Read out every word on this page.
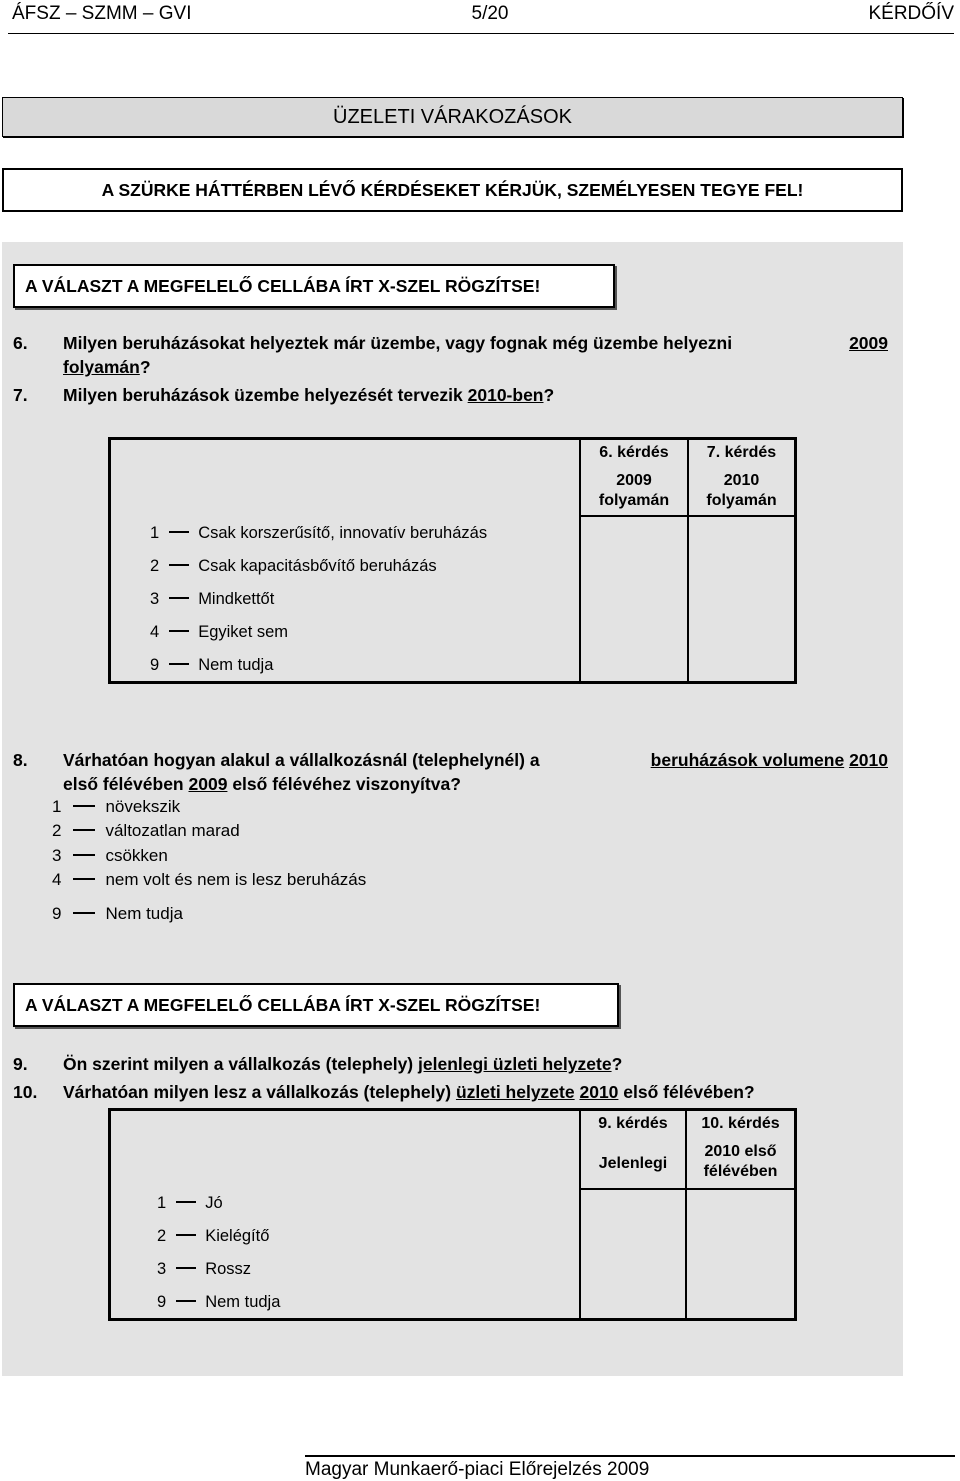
ÁFSZ – SZMM – GVI	5/20	KÉRDŐÍV
ÜZELETI VÁRAKOZÁSOK
A SZÜRKE HÁTTÉRBEN LÉVŐ KÉRDÉSEKET KÉRJÜK, SZEMÉLYESEN TEGYE FEL!
A VÁLASZT A MEGFELELŐ CELLÁBA ÍRT X-SZEL RÖGZÍTSE!
6. Milyen beruházásokat helyeztek már üzembe, vagy fognak még üzembe helyezni	2009
folyamán?
7. Milyen beruházások üzembe helyezését tervezik 2010-ben?
6. kérdés
2009
folyamán
7. kérdés
2010
folyamán
1 Csak korszerűsítő, innovatív beruházás
2 Csak kapacitásbővítő beruházás
3 Mindkettőt
4 Egyiket sem
9 Nem tudja
8. Várhatóan hogyan alakul a vállalkozásnál (telephelynél) a	beruházások volumene 2010
első félévében 2009 első félévéhez viszonyítva?
1	növekszik
2	változatlan marad
3	csökken
4	nem volt és nem is lesz beruházás
9	Nem tudja
A VÁLASZT A MEGFELELŐ CELLÁBA ÍRT X-SZEL RÖGZÍTSE!
9. Ön szerint milyen a vállalkozás (telephely) jelenlegi üzleti helyzete?
10. Várhatóan milyen lesz a vállalkozás (telephely) üzleti helyzete 2010 első félévében?
9. kérdés
Jelenlegi
10. kérdés
2010 első
félévében
1 Jó
2 Kielégítő
3 Rossz
9 Nem tudja
Magyar Munkaerő-piaci Előrejelzés 2009
